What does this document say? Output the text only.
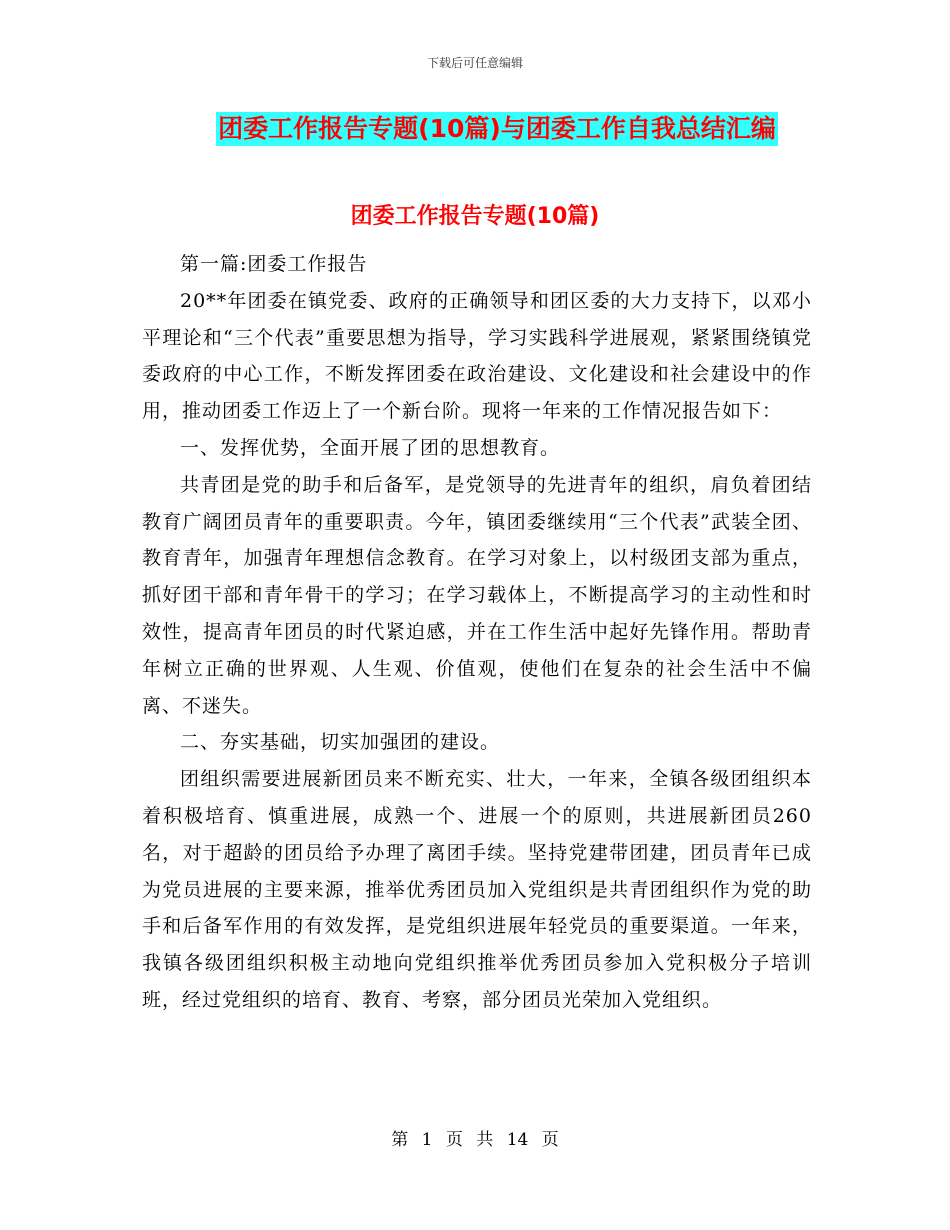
下载后可任意编辑
团委工作报告专题(10篇)与团委工作自我总结汇编
团委工作报告专题(10篇)

第一篇:团委工作报告

20**年团委在镇党委、政府的正确领导和团区委的大力支持下，以邓小平理论和“三个代表”重要思想为指导，学习实践科学进展观，紧紧围绕镇党委政府的中心工作，不断发挥团委在政治建设、文化建设和社会建设中的作用，推动团委工作迈上了一个新台阶。现将一年来的工作情况报告如下：

一、发挥优势，全面开展了团的思想教育。

共青团是党的助手和后备军，是党领导的先进青年的组织，肩负着团结教育广阔团员青年的重要职责。今年，镇团委继续用“三个代表”武装全团、教育青年，加强青年理想信念教育。在学习对象上，以村级团支部为重点，抓好团干部和青年骨干的学习；在学习载体上，不断提高学习的主动性和时效性，提高青年团员的时代紧迫感，并在工作生活中起好先锋作用。帮助青年树立正确的世界观、人生观、价值观，使他们在复杂的社会生活中不偏离、不迷失。

二、夯实基础，切实加强团的建设。

团组织需要进展新团员来不断充实、壮大，一年来，全镇各级团组织本着积极培育、慎重进展，成熟一个、进展一个的原则，共进展新团员260名，对于超龄的团员给予办理了离团手续。坚持党建带团建，团员青年已成为党员进展的主要来源，推举优秀团员加入党组织是共青团组织作为党的助手和后备军作用的有效发挥，是党组织进展年轻党员的重要渠道。一年来，我镇各级团组织积极主动地向党组织推举优秀团员参加入党积极分子培训班，经过党组织的培育、教育、考察，部分团员光荣加入党组织。

第 1 页 共 14 页
